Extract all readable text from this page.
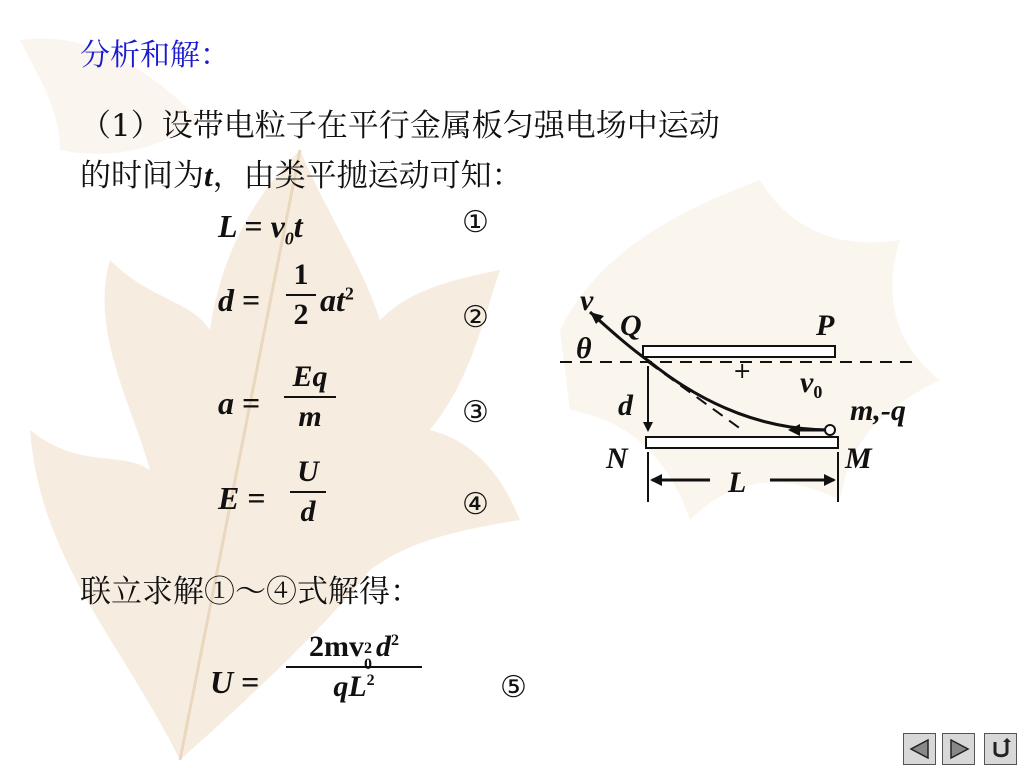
分析和解：
（1）设带电粒子在平行金属板匀强电场中运动
的时间为t，由类平抛运动可知：
$L = v_0t$	①
d =
1
2 $at^2$
②
a =
Eq
m	③
E =
U
d	④
联立求解①～④式解得：
U =
2mv 2
0
$d^2$
$qL^2$	⑤
v
θ
Q	P
$v_0$
d	m,-q
N	M
L
+
